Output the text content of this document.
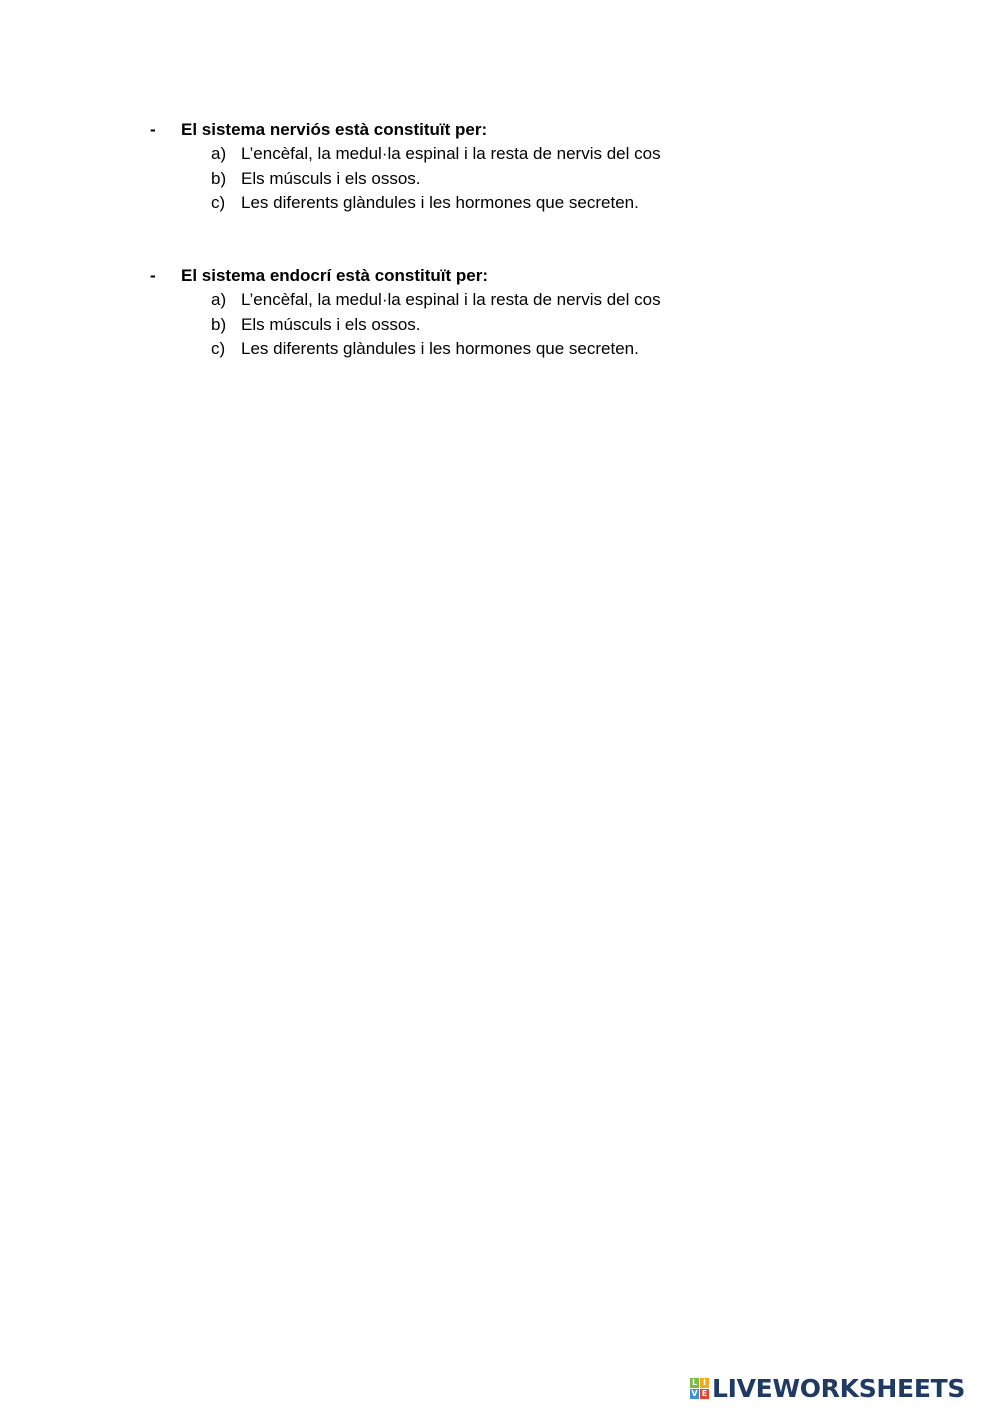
-	El sistema nerviós està constituït per:
a) L’encèfal, la medul·la espinal i la resta de nervis del cos
b) Els músculs i els ossos.
c) Les diferents glàndules i les hormones que secreten.
-	El sistema endocrí està constituït per:
a) L’encèfal, la medul·la espinal i la resta de nervis del cos
b) Els músculs i els ossos.
c) Les diferents glàndules i les hormones que secreten.
L I
V E LIVEWORKSHEETS
